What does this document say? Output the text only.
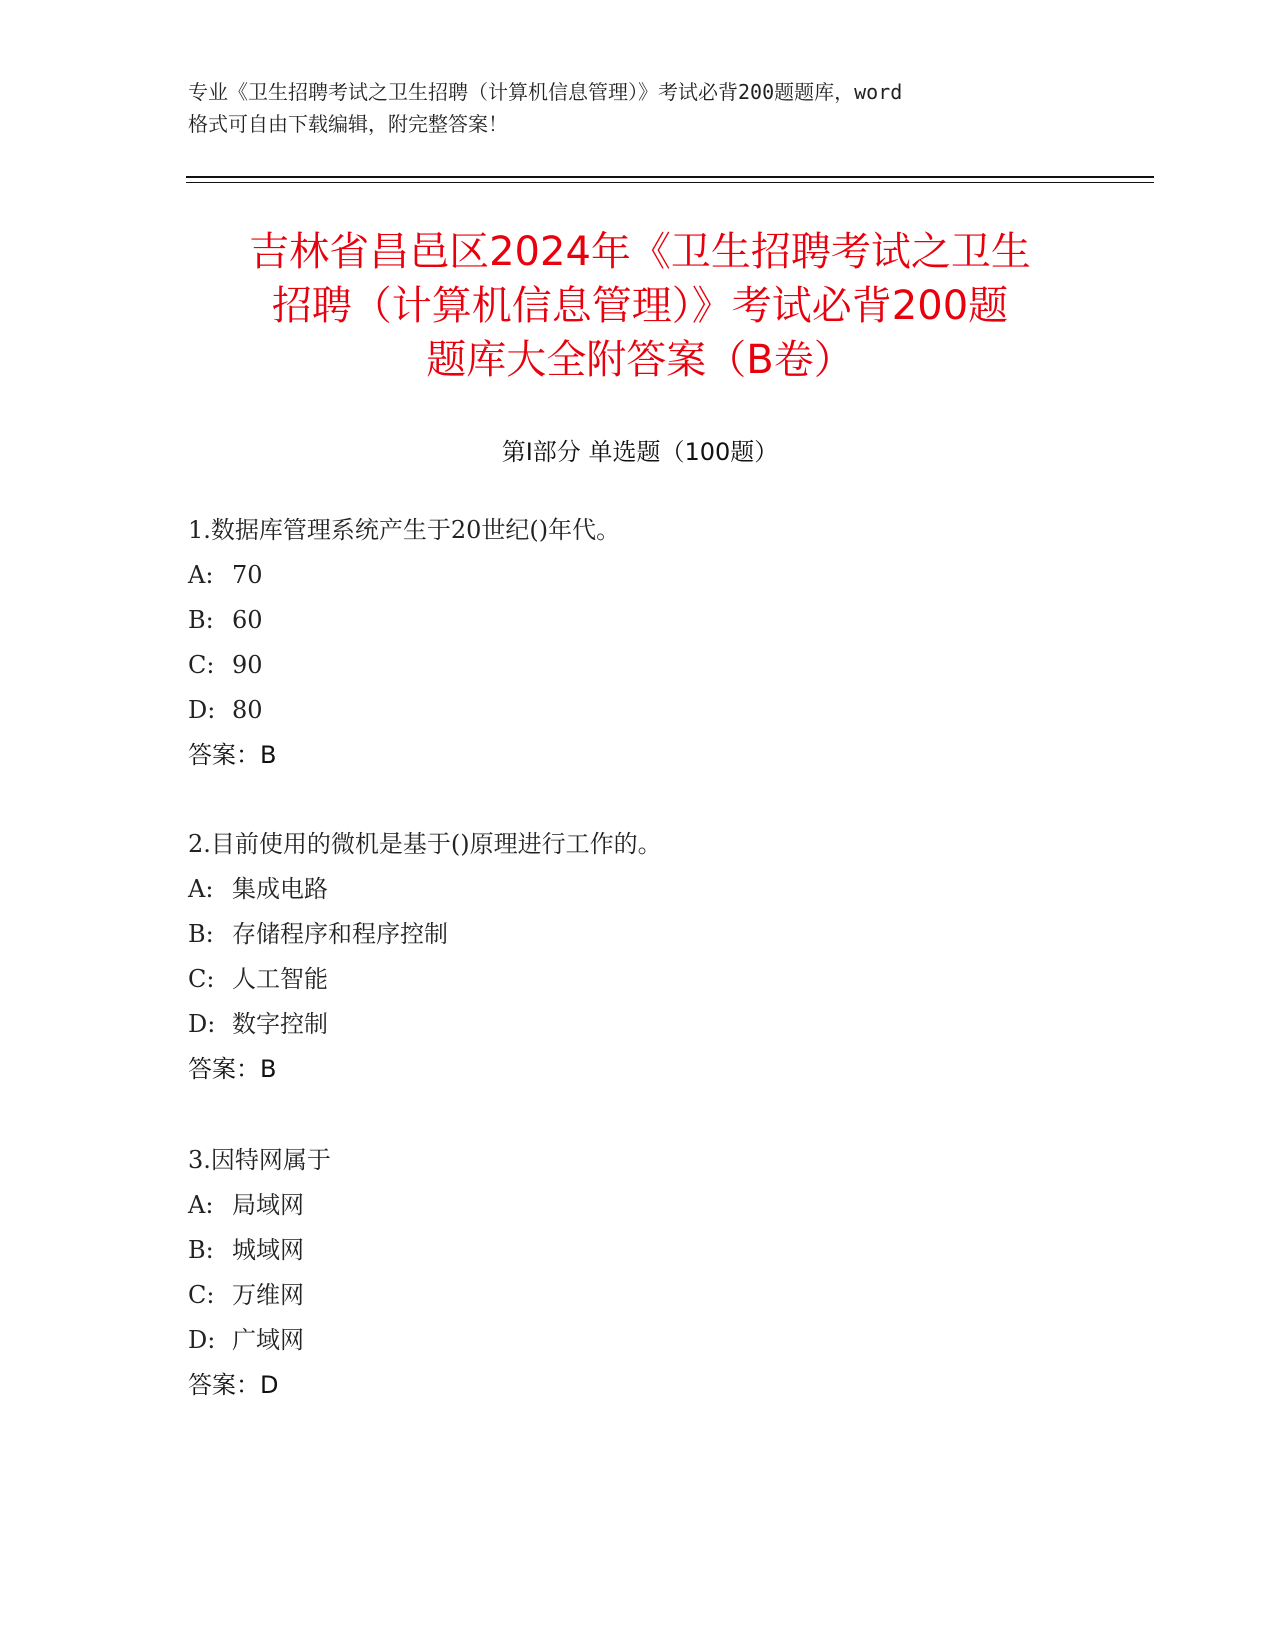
专业《卫生招聘考试之卫生招聘（计算机信息管理）》考试必背200题题库，word
格式可自由下载编辑，附完整答案！
吉林省昌邑区2024年《卫生招聘考试之卫生
招聘（计算机信息管理）》考试必背200题
题库大全附答案（B卷）
第Ⅰ部分 单选题（100题）
1.数据库管理系统产生于20世纪()年代。
A: 70
B: 60
C: 90
D: 80
答案：B
2.目前使用的微机是基于()原理进行工作的。
A: 集成电路
B: 存储程序和程序控制
C: 人工智能
D: 数字控制
答案：B
3.因特网属于
A: 局域网
B: 城域网
C: 万维网
D: 广域网
答案：D
